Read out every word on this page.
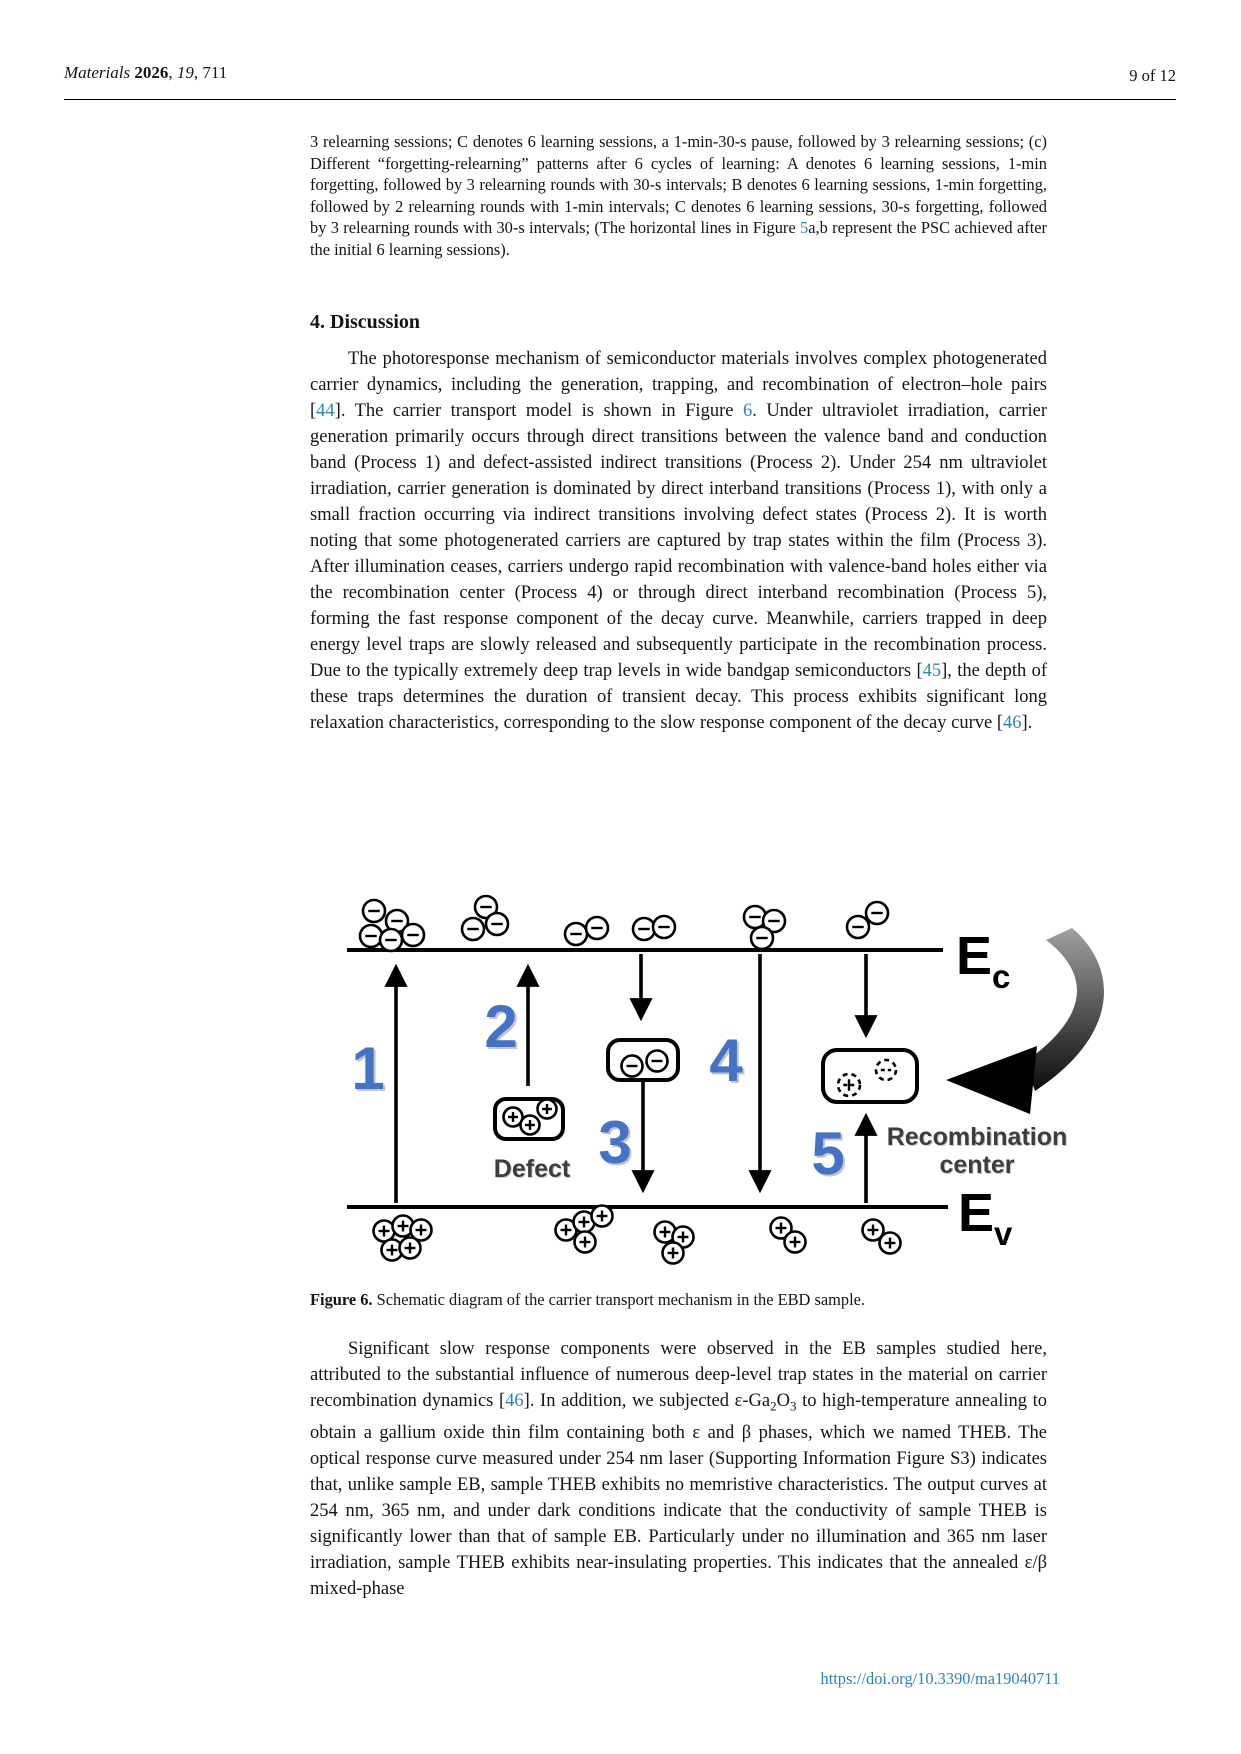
Materials 2026, 19, 711	9 of 12
3 relearning sessions; C denotes 6 learning sessions, a 1-min-30-s pause, followed by 3 relearning sessions; (c) Different “forgetting-relearning” patterns after 6 cycles of learning: A denotes 6 learning sessions, 1-min forgetting, followed by 3 relearning rounds with 30-s intervals; B denotes 6 learning sessions, 1-min forgetting, followed by 2 relearning rounds with 1-min intervals; C denotes 6 learning sessions, 30-s forgetting, followed by 3 relearning rounds with 30-s intervals; (The horizontal lines in Figure 5a,b represent the PSC achieved after the initial 6 learning sessions).
4. Discussion
The photoresponse mechanism of semiconductor materials involves complex photogenerated carrier dynamics, including the generation, trapping, and recombination of electron–hole pairs [44]. The carrier transport model is shown in Figure 6. Under ultraviolet irradiation, carrier generation primarily occurs through direct transitions between the valence band and conduction band (Process 1) and defect-assisted indirect transitions (Process 2). Under 254 nm ultraviolet irradiation, carrier generation is dominated by direct interband transitions (Process 1), with only a small fraction occurring via indirect transitions involving defect states (Process 2). It is worth noting that some photogenerated carriers are captured by trap states within the film (Process 3). After illumination ceases, carriers undergo rapid recombination with valence-band holes either via the recombination center (Process 4) or through direct interband recombination (Process 5), forming the fast response component of the decay curve. Meanwhile, carriers trapped in deep energy level traps are slowly released and subsequently participate in the recombination process. Due to the typically extremely deep trap levels in wide bandgap semiconductors [45], the depth of these traps determines the duration of transient decay. This process exhibits significant long relaxation characteristics, corresponding to the slow response component of the decay curve [46].
1
2
3
4
5
E c
E v
Defect
Recombination
center
Figure 6. Schematic diagram of the carrier transport mechanism in the EBD sample.
Significant slow response components were observed in the EB samples studied here, attributed to the substantial influence of numerous deep-level trap states in the material on carrier recombination dynamics [46]. In addition, we subjected $\varepsilon-Ga_2O_3$ to high-temperature annealing to obtain a gallium oxide thin film containing both ε and β phases, which we named THEB. The optical response curve measured under 254 nm laser (Supporting Information Figure S3) indicates that, unlike sample EB, sample THEB exhibits no memristive characteristics. The output curves at 254 nm, 365 nm, and under dark conditions indicate that the conductivity of sample THEB is significantly lower than that of sample EB. Particularly under no illumination and 365 nm laser irradiation, sample THEB exhibits near-insulating properties. This indicates that the annealed ε/β mixed-phase
https://doi.org/10.3390/ma19040711
